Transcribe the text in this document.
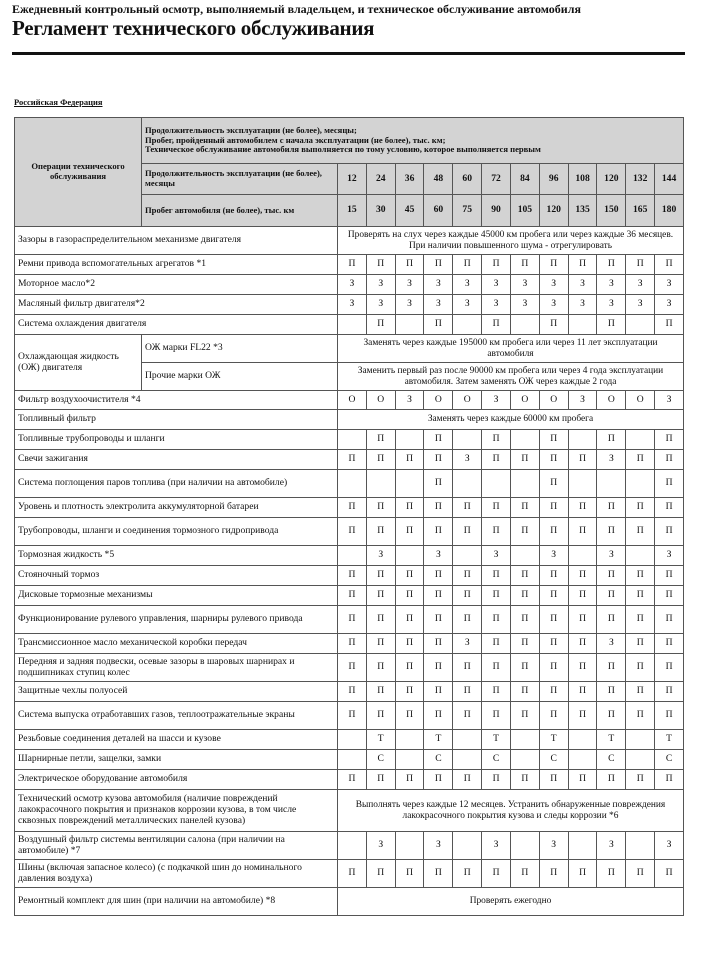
Ежедневный контрольный осмотр, выполняемый владельцем, и техническое обслуживание автомобиля
Регламент технического обслуживания
Российская Федерация
Операции технического обслуживания	Продолжительность эксплуатации (не более), месяцы;
Пробег, пройденный автомобилем с начала эксплуатации (не более), тыс. км;
Техническое обслуживание автомобиля выполняется по тому условию, которое выполняется первым												

	Продолжительность эксплуатации (не более), месяцы	12	24	36	48	60	72	84	96	108	120	132	144
	Пробег автомобиля (не более), тыс. км	15	30	45	60	75	90	105	120	135	150	165	180
Зазоры в газораспределительном механизме двигателя		Проверять на слух через каждые 45000 км пробега или через каждые 36 месяцев. При наличии повышенного шума - отрегулировать											
Ремни привода вспомогательных агрегатов *1		П	П	П	П	П	П	П	П	П	П	П	П
Моторное масло*2		З	З	З	З	З	З	З	З	З	З	З	З
Масляный фильтр двигателя*2		З	З	З	З	З	З	З	З	З	З	З	З
Система охлаждения двигателя			П		П		П		П		П		П
Охлаждающая жидкость (ОЖ) двигателя	ОЖ марки FL22 *3	Заменять через каждые 195000 км пробега или через 11 лет эксплуатации автомобиля											
	Прочие марки ОЖ	Заменить первый раз после 90000 км пробега или через 4 года эксплуатации автомобиля. Затем заменять ОЖ через каждые 2 года											
Фильтр воздухоочистителя *4		О	О	З	О	О	З	О	О	З	О	О	З
Топливный фильтр		Заменять через каждые 60000 км пробега											
Топливные трубопроводы и шланги			П		П		П		П		П		П
Свечи зажигания		П	П	П	П	З	П	П	П	П	З	П	П
Система поглощения паров топлива (при наличии на автомобиле)					П				П				П
Уровень и плотность электролита аккумуляторной батареи		П	П	П	П	П	П	П	П	П	П	П	П
Трубопроводы, шланги и соединения тормозного гидропривода		П	П	П	П	П	П	П	П	П	П	П	П
Тормозная жидкость *5			З		З		З		З		З		З
Стояночный тормоз		П	П	П	П	П	П	П	П	П	П	П	П
Дисковые тормозные механизмы		П	П	П	П	П	П	П	П	П	П	П	П
Функционирование рулевого управления, шарниры рулевого привода		П	П	П	П	П	П	П	П	П	П	П	П
Трансмиссионное масло механической коробки передач		П	П	П	П	З	П	П	П	П	З	П	П
Передняя и задняя подвески, осевые зазоры в шаровых шарнирах и подшипниках ступиц колес		П	П	П	П	П	П	П	П	П	П	П	П
Защитные чехлы полуосей		П	П	П	П	П	П	П	П	П	П	П	П
Система выпуска отработавших газов, теплоотражательные экраны		П	П	П	П	П	П	П	П	П	П	П	П
Резьбовые соединения деталей на шасси и кузове			Т		Т		Т		Т		Т		Т
Шарнирные петли, защелки, замки			С		С		С		С		С		С
Электрическое оборудование автомобиля		П	П	П	П	П	П	П	П	П	П	П	П
Технический осмотр кузова автомобиля (наличие повреждений лакокрасочного покрытия и признаков коррозии кузова, в том числе сквозных повреждений металлических панелей кузова)		Выполнять через каждые 12 месяцев. Устранить обнаруженные повреждения лакокрасочного покрытия кузова и следы коррозии *6											
Воздушный фильтр системы вентиляции салона (при наличии на автомобиле) *7			З		З		З		З		З		З
Шины (включая запасное колесо) (с подкачкой шин до номинального давления воздуха)		П	П	П	П	П	П	П	П	П	П	П	П
Ремонтный комплект для шин (при наличии на автомобиле) *8		Проверять ежегодно											
